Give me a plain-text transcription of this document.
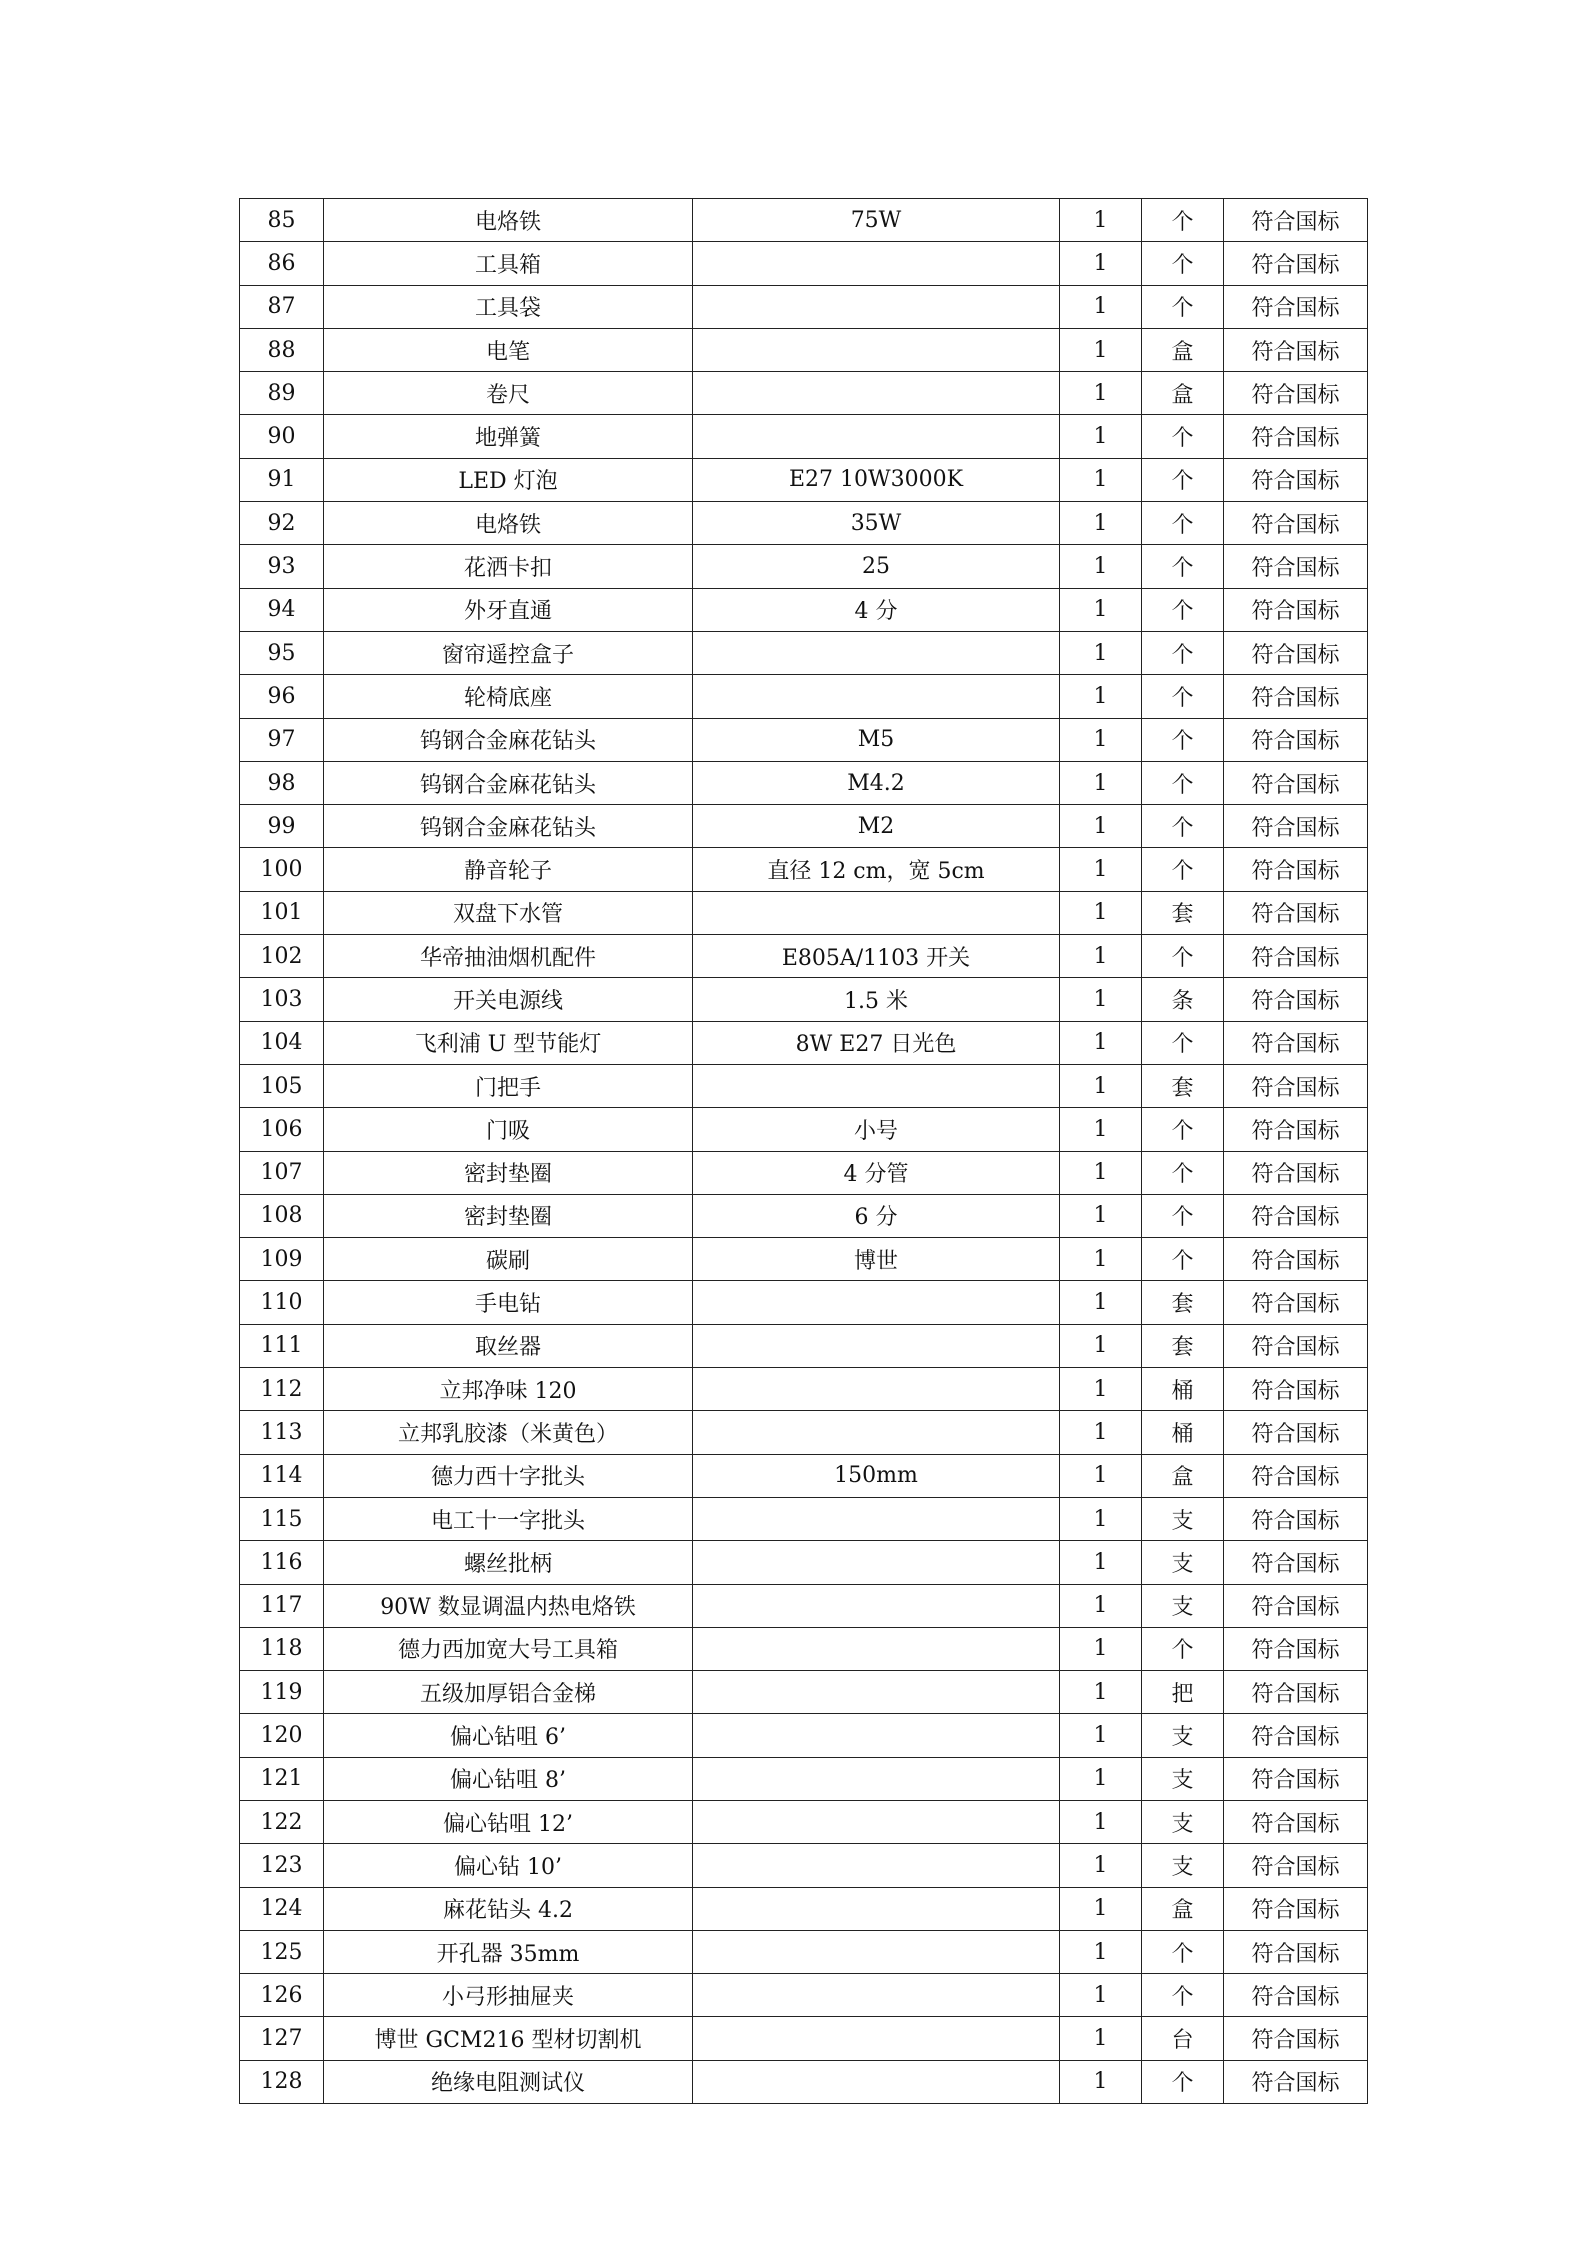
85	电烙铁	75W	1	个	符合国标
86	工具箱		1	个	符合国标
87	工具袋		1	个	符合国标
88	电笔		1	盒	符合国标
89	卷尺		1	盒	符合国标
90	地弹簧		1	个	符合国标
91	LED 灯泡	E27 10W3000K	1	个	符合国标
92	电烙铁	35W	1	个	符合国标
93	花洒卡扣	25	1	个	符合国标
94	外牙直通	4 分	1	个	符合国标
95	窗帘遥控盒子		1	个	符合国标
96	轮椅底座		1	个	符合国标
97	钨钢合金麻花钻头	M5	1	个	符合国标
98	钨钢合金麻花钻头	M4.2	1	个	符合国标
99	钨钢合金麻花钻头	M2	1	个	符合国标
100	静音轮子	直径 12 cm，宽 5cm	1	个	符合国标
101	双盘下水管		1	套	符合国标
102	华帝抽油烟机配件	E805A/1103 开关	1	个	符合国标
103	开关电源线	1.5 米	1	条	符合国标
104	飞利浦 U 型节能灯	8W E27 日光色	1	个	符合国标
105	门把手		1	套	符合国标
106	门吸	小号	1	个	符合国标
107	密封垫圈	4 分管	1	个	符合国标
108	密封垫圈	6 分	1	个	符合国标
109	碳刷	博世	1	个	符合国标
110	手电钻		1	套	符合国标
111	取丝器		1	套	符合国标
112	立邦净味 120		1	桶	符合国标
113	立邦乳胶漆（米黄色）		1	桶	符合国标
114	德力西十字批头	150mm	1	盒	符合国标
115	电工十一字批头		1	支	符合国标
116	螺丝批柄		1	支	符合国标
117	90W 数显调温内热电烙铁		1	支	符合国标
118	德力西加宽大号工具箱		1	个	符合国标
119	五级加厚铝合金梯		1	把	符合国标
120	偏心钻咀 6’		1	支	符合国标
121	偏心钻咀 8’		1	支	符合国标
122	偏心钻咀 12’		1	支	符合国标
123	偏心钻 10’		1	支	符合国标
124	麻花钻头 4.2		1	盒	符合国标
125	开孔器 35mm		1	个	符合国标
126	小弓形抽屉夹		1	个	符合国标
127	博世 GCM216 型材切割机		1	台	符合国标
128	绝缘电阻测试仪		1	个	符合国标
